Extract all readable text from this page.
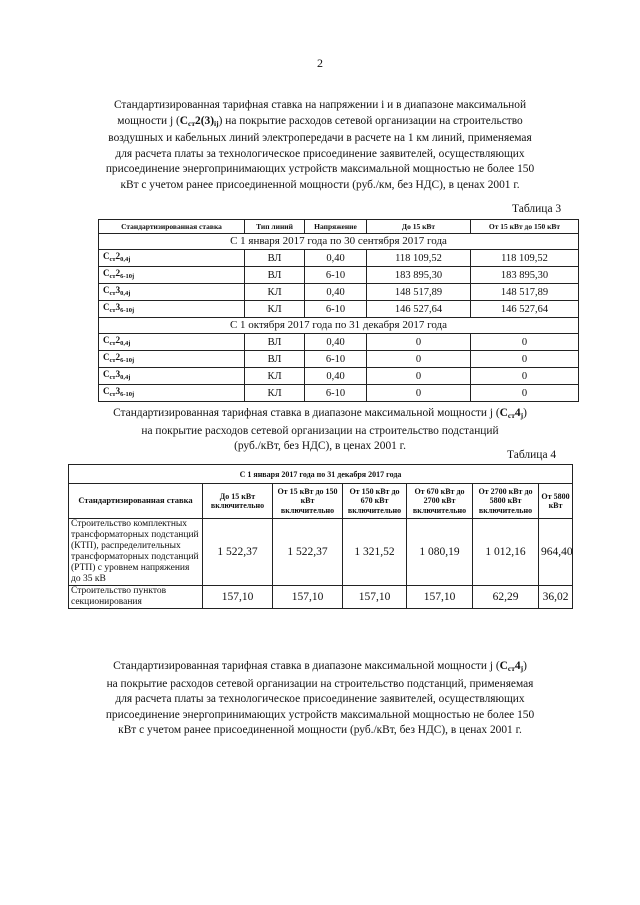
2
Стандартизированная тарифная ставка на напряжении i и в диапазоне максимальной
мощности j $(C_{ст}2(3)_{ij})$ на покрытие расходов сетевой организации на строительство
воздушных и кабельных линий электропередачи в расчете на 1 км линий, применяемая
для расчета платы за технологическое присоединение заявителей, осуществляющих
присоединение энергопринимающих устройств максимальной мощностью не более 150
кВт с учетом ранее присоединенной мощности (руб./км, без НДС), в ценах 2001 г.
Таблица 3
Стандартизированная ставка	Тип линий	Напряжение	До 15 кВт	От 15 кВт до 150 кВт
С 1 января 2017 года по 30 сентября 2017 года				
$C_{ст}2_{0,4j}$	ВЛ	0,40	118 109,52	118 109,52
$C_{ст}2_{6-10j}$	ВЛ	6-10	183 895,30	183 895,30
$C_{ст}3_{0,4j}$	КЛ	0,40	148 517,89	148 517,89
$C_{ст}3_{6-10j}$	КЛ	6-10	146 527,64	146 527,64
С 1 октября 2017 года по 31 декабря 2017 года				
$C_{ст}2_{0,4j}$	ВЛ	0,40	0	0
$C_{ст}2_{6-10j}$	ВЛ	6-10	0	0
$C_{ст}3_{0,4j}$	КЛ	0,40	0	0
$C_{ст}3_{6-10j}$	КЛ	6-10	0	0
Стандартизированная тарифная ставка в диапазоне максимальной мощности j $(C_{ст}4_j)$
на покрытие расходов сетевой организации на строительство подстанций
(руб./кВт, без НДС), в ценах 2001 г.
Таблица 4
С 1 января 2017 года по 31 декабря 2017 года						
Стандартизированная ставка	До 15 кВт включительно	От 15 кВт до 150 кВт включительно	От 150 кВт до 670 кВт включительно	От 670 кВт до 2700 кВт включительно	От 2700 кВт до 5800 кВт включительно	От 5800 кВт
Строительство комплектных трансформаторных подстанций (КТП), распределительных трансформаторных подстанций (РТП) с уровнем напряжения до 35 кВ	1 522,37	1 522,37	1 321,52	1 080,19	1 012,16	964,40
Строительство пунктов секционирования	157,10	157,10	157,10	157,10	62,29	36,02
Стандартизированная тарифная ставка в диапазоне максимальной мощности j $(C_{ст}4_j)$
на покрытие расходов сетевой организации на строительство подстанций, применяемая
для расчета платы за технологическое присоединение заявителей, осуществляющих
присоединение энергопринимающих устройств максимальной мощностью не более 150
кВт с учетом ранее присоединенной мощности (руб./кВт, без НДС), в ценах 2001 г.
